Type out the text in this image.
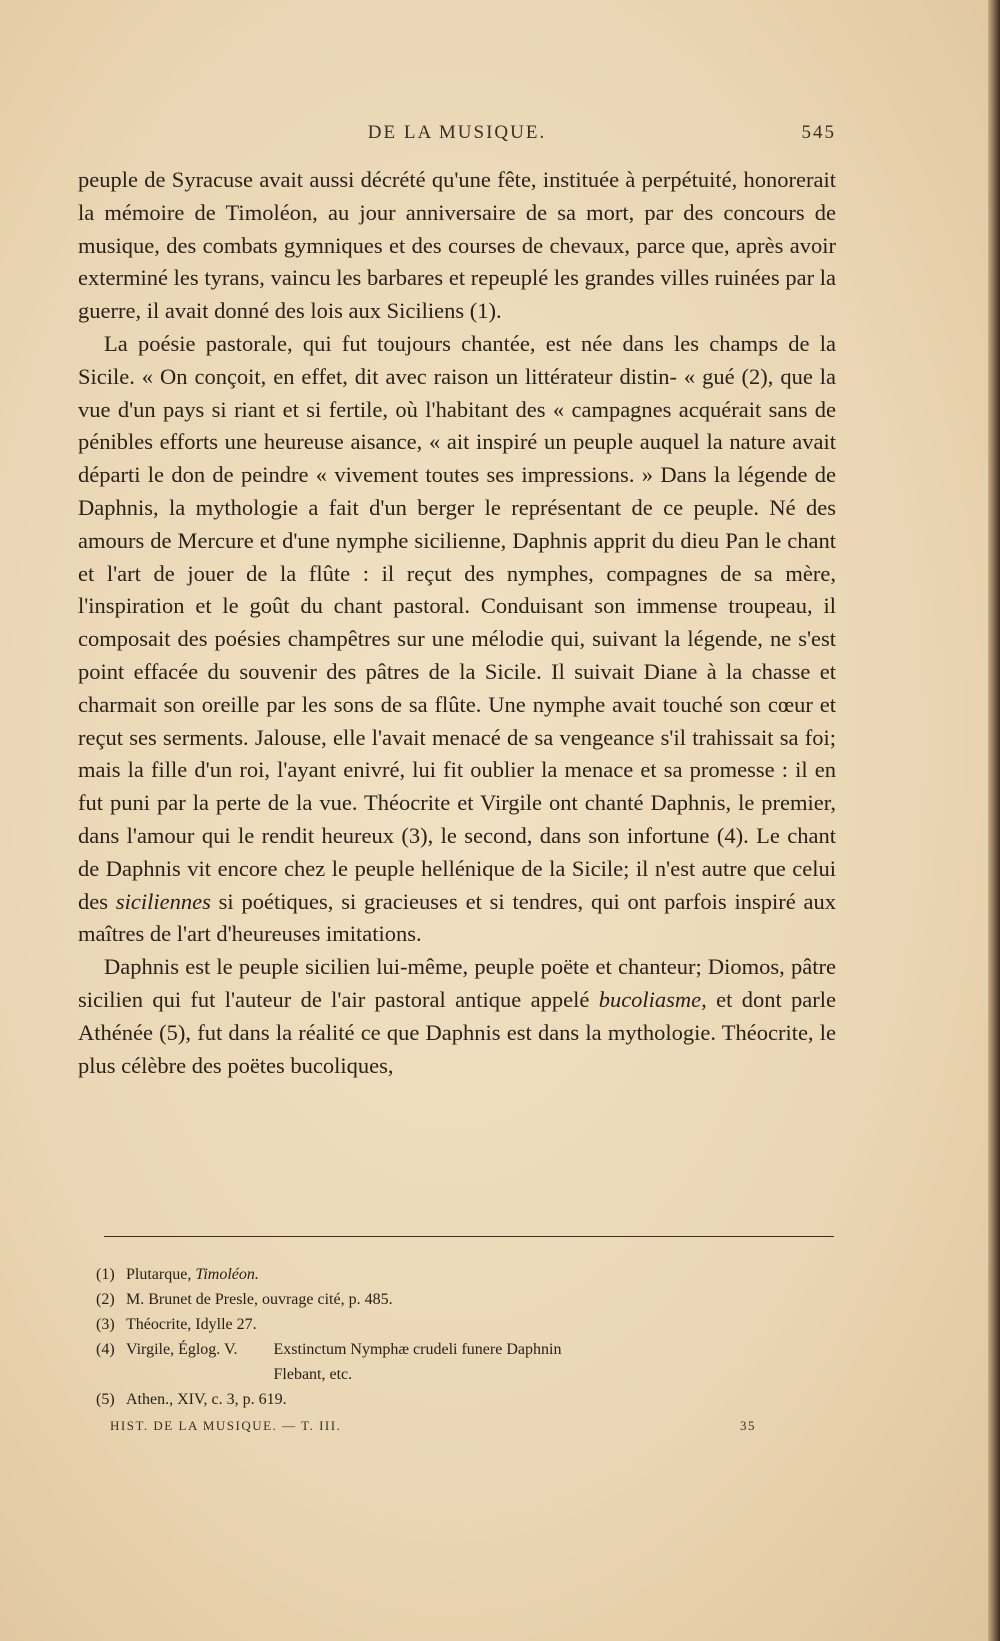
DE LA MUSIQUE.	545

peuple de Syracuse avait aussi décrété qu'une fête, instituée à perpétuité, honorerait la mémoire de Timoléon, au jour anniversaire de sa mort, par des concours de musique, des combats gymniques et des courses de chevaux, parce que, après avoir exterminé les tyrans, vaincu les barbares et repeuplé les grandes villes ruinées par la guerre, il avait donné des lois aux Siciliens (1).

La poésie pastorale, qui fut toujours chantée, est née dans les champs de la Sicile. « On conçoit, en effet, dit avec raison un littérateur distin- « gué (2), que la vue d'un pays si riant et si fertile, où l'habitant des « campagnes acquérait sans de pénibles efforts une heureuse aisance, « ait inspiré un peuple auquel la nature avait départi le don de peindre « vivement toutes ses impressions. » Dans la légende de Daphnis, la mythologie a fait d'un berger le représentant de ce peuple. Né des amours de Mercure et d'une nymphe sicilienne, Daphnis apprit du dieu Pan le chant et l'art de jouer de la flûte : il reçut des nymphes, compagnes de sa mère, l'inspiration et le goût du chant pastoral. Conduisant son immense troupeau, il composait des poésies champêtres sur une mélodie qui, suivant la légende, ne s'est point effacée du souvenir des pâtres de la Sicile. Il suivait Diane à la chasse et charmait son oreille par les sons de sa flûte. Une nymphe avait touché son cœur et reçut ses serments. Jalouse, elle l'avait menacé de sa vengeance s'il trahissait sa foi; mais la fille d'un roi, l'ayant enivré, lui fit oublier la menace et sa promesse : il en fut puni par la perte de la vue. Théocrite et Virgile ont chanté Daphnis, le premier, dans l'amour qui le rendit heureux (3), le second, dans son infortune (4). Le chant de Daphnis vit encore chez le peuple hellénique de la Sicile; il n'est autre que celui des siciliennes si poétiques, si gracieuses et si tendres, qui ont parfois inspiré aux maîtres de l'art d'heureuses imitations.

Daphnis est le peuple sicilien lui-même, peuple poëte et chanteur; Diomos, pâtre sicilien qui fut l'auteur de l'air pastoral antique appelé bucoliasme, et dont parle Athénée (5), fut dans la réalité ce que Daphnis est dans la mythologie. Théocrite, le plus célèbre des poëtes bucoliques,

(1) Plutarque, Timoléon.
(2) M. Brunet de Presle, ouvrage cité, p. 485.
(3) Théocrite, Idylle 27.
(4) Virgile, Églog. V. Exstinctum Nymphæ crudeli funere Daphnin
Flebant, etc.
(5) Athen., XIV, c. 3, p. 619.
HIST. DE LA MUSIQUE. — T. III.	35
